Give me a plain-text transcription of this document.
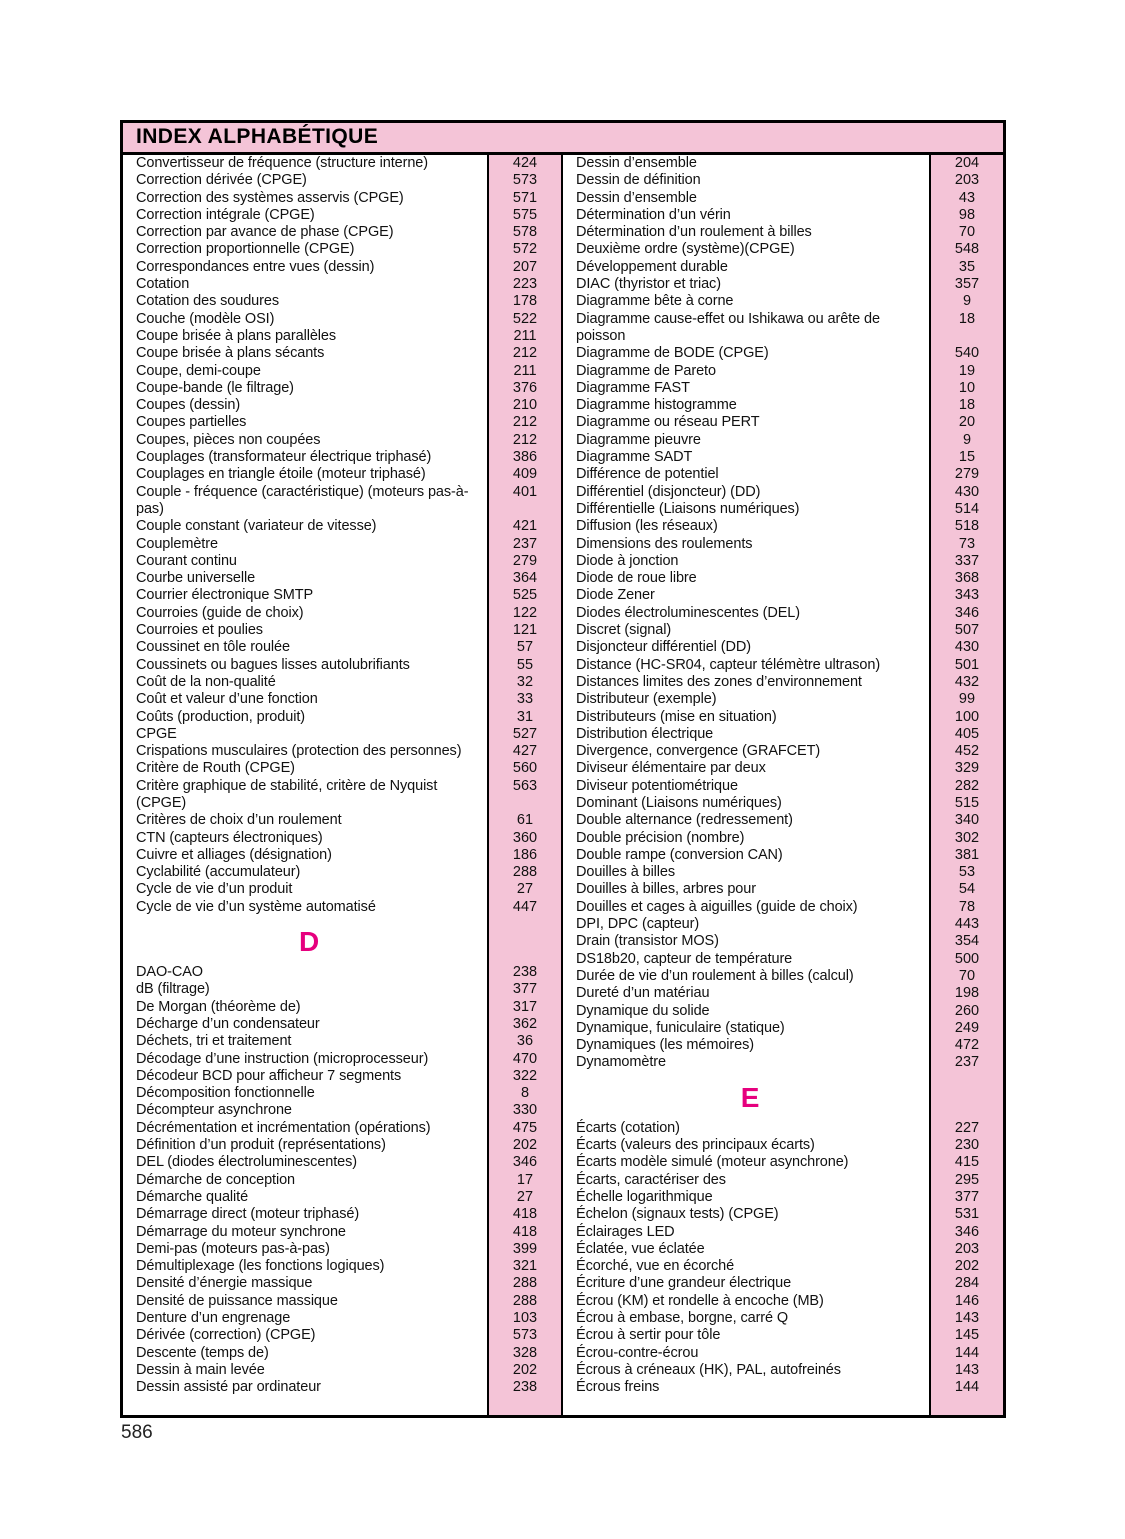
INDEX ALPHABÉTIQUE
Convertisseur de fréquence (structure interne)	424
Correction dérivée (CPGE)	573
Correction des systèmes asservis (CPGE)	571
Correction intégrale (CPGE)	575
Correction par avance de phase (CPGE)	578
Correction proportionnelle (CPGE)	572
Correspondances entre vues (dessin)	207
Cotation	223
Cotation des soudures	178
Couche (modèle OSI)	522
Coupe brisée à plans parallèles	211
Coupe brisée à plans sécants	212
Coupe, demi-coupe	211
Coupe-bande (le filtrage)	376
Coupes (dessin)	210
Coupes partielles	212
Coupes, pièces non coupées	212
Couplages (transformateur électrique triphasé)	386
Couplages en triangle étoile (moteur triphasé)	409
Couple - fréquence (caractéristique) (moteurs pas-à-pas)
401
Couple constant (variateur de vitesse)	421
Couplemètre	237
Courant continu	279
Courbe universelle	364
Courrier électronique SMTP	525
Courroies (guide de choix)	122
Courroies et poulies	121
Coussinet en tôle roulée	57
Coussinets ou bagues lisses autolubrifiants	55
Coût de la non-qualité	32
Coût et valeur d’une fonction	33
Coûts (production, produit)	31
CPGE	527
Crispations musculaires (protection des personnes)	427
Critère de Routh (CPGE)	560
Critère graphique de stabilité, critère de Nyquist (CPGE)
563
Critères de choix d’un roulement	61
CTN (capteurs électroniques)	360
Cuivre et alliages (désignation)	186
Cyclabilité (accumulateur)	288
Cycle de vie d’un produit	27
Cycle de vie d’un système automatisé	447
D
DAO-CAO	238
dB (filtrage)	377
De Morgan (théorème de)	317
Décharge d’un condensateur	362
Déchets, tri et traitement	36
Décodage d’une instruction (microprocesseur)	470
Décodeur BCD pour afficheur 7 segments	322
Décomposition fonctionnelle	8
Décompteur asynchrone	330
Décrémentation et incrémentation (opérations)	475
Définition d’un produit (représentations)	202
DEL (diodes électroluminescentes)	346
Démarche de conception	17
Démarche qualité	27
Démarrage direct (moteur triphasé)	418
Démarrage du moteur synchrone	418
Demi-pas (moteurs pas-à-pas)	399
Démultiplexage (les fonctions logiques)	321
Densité d’énergie massique	288
Densité de puissance massique	288
Denture d’un engrenage	103
Dérivée (correction) (CPGE)	573
Descente (temps de)	328
Dessin à main levée	202
Dessin assisté par ordinateur	238
Dessin d’ensemble	204
Dessin de définition	203
Dessin d’ensemble	43
Détermination d’un vérin	98
Détermination d’un roulement à billes	70
Deuxième ordre (système)(CPGE)	548
Développement durable	35
DIAC (thyristor et triac)	357
Diagramme bête à corne	9
Diagramme cause-effet ou Ishikawa ou arête de poisson
18
Diagramme de BODE (CPGE)	540
Diagramme de Pareto	19
Diagramme FAST	10
Diagramme histogramme	18
Diagramme ou réseau PERT	20
Diagramme pieuvre	9
Diagramme SADT	15
Différence de potentiel	279
Différentiel (disjoncteur) (DD)	430
Différentielle (Liaisons numériques)	514
Diffusion (les réseaux)	518
Dimensions des roulements	73
Diode à jonction	337
Diode de roue libre	368
Diode Zener	343
Diodes électroluminescentes (DEL)	346
Discret (signal)	507
Disjoncteur différentiel (DD)	430
Distance (HC-SR04, capteur télémètre ultrason)	501
Distances limites des zones d’environnement	432
Distributeur (exemple)	99
Distributeurs (mise en situation)	100
Distribution électrique	405
Divergence, convergence (GRAFCET)	452
Diviseur élémentaire par deux	329
Diviseur potentiométrique	282
Dominant (Liaisons numériques)	515
Double alternance (redressement)	340
Double précision (nombre)	302
Double rampe (conversion CAN)	381
Douilles à billes	53
Douilles à billes, arbres pour	54
Douilles et cages à aiguilles (guide de choix)	78
DPI, DPC (capteur)	443
Drain (transistor MOS)	354
DS18b20, capteur de température	500
Durée de vie d’un roulement à billes (calcul)	70
Dureté d’un matériau	198
Dynamique du solide	260
Dynamique, funiculaire (statique)	249
Dynamiques (les mémoires)	472
Dynamomètre	237
E
Écarts (cotation)	227
Écarts (valeurs des principaux écarts)	230
Écarts modèle simulé (moteur asynchrone)	415
Écarts, caractériser des	295
Échelle logarithmique	377
Échelon (signaux tests) (CPGE)	531
Éclairages LED	346
Éclatée, vue éclatée	203
Écorché, vue en écorché	202
Écriture d’une grandeur électrique	284
Écrou (KM) et rondelle à encoche (MB)	146
Écrou à embase, borgne, carré Q	143
Écrou à sertir pour tôle	145
Écrou-contre-écrou	144
Écrous à créneaux (HK), PAL, autofreinés	143
Écrous freins	144
586
